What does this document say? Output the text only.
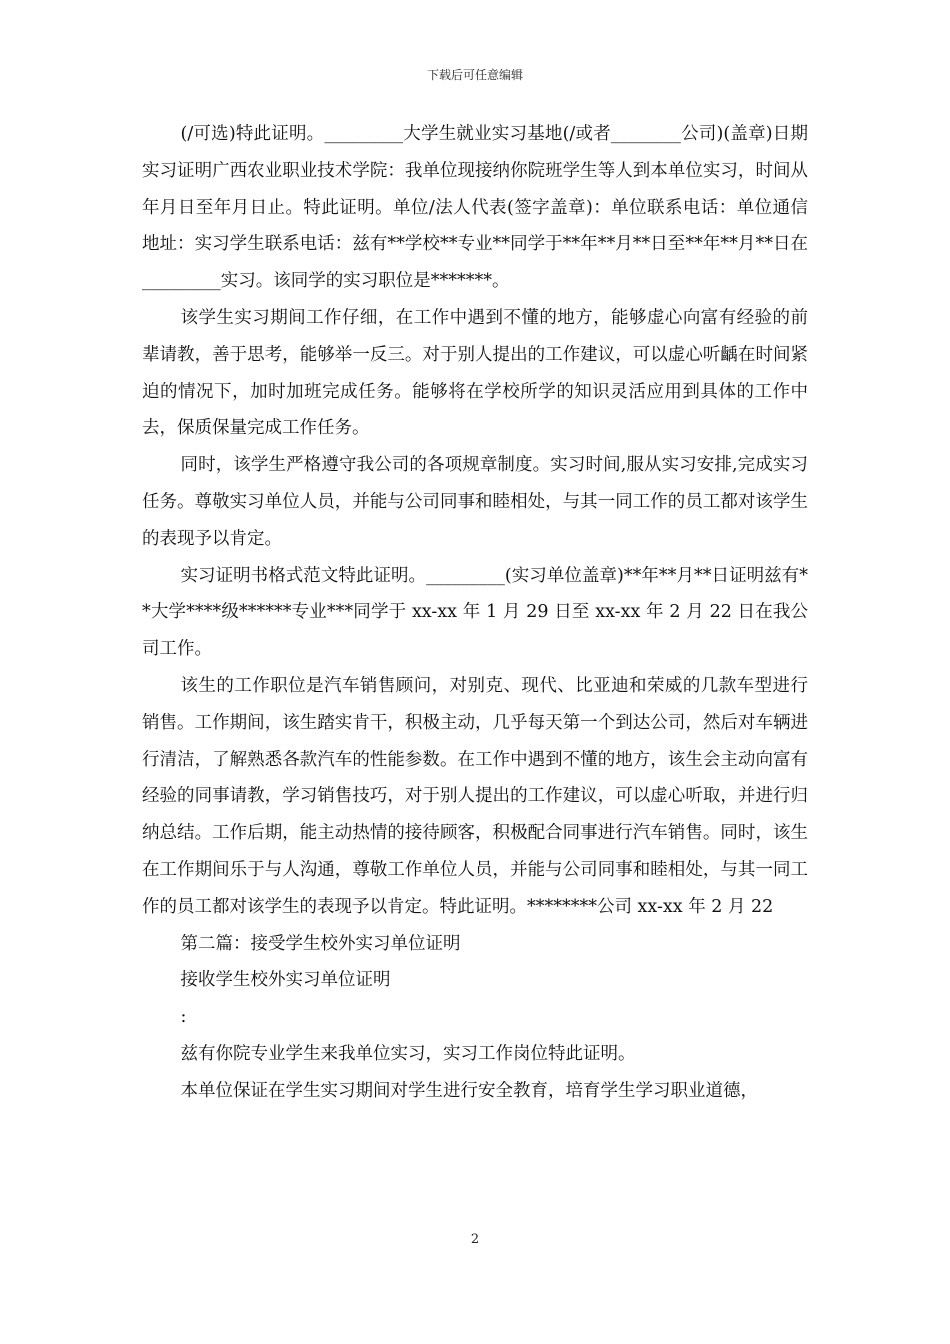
下载后可任意编辑

(/可选)特此证明。_________大学生就业实习基地(/或者________公司)(盖章)日期实习证明广西农业职业技术学院：我单位现接纳你院班学生等人到本单位实习，时间从年月日至年月日止。特此证明。单位/法人代表(签字盖章)：单位联系电话：单位通信地址：实习学生联系电话：兹有**学校**专业**同学于**年**月**日至**年**月**日在_________实习。该同学的实习职位是*******。

该学生实习期间工作仔细，在工作中遇到不懂的地方，能够虚心向富有经验的前辈请教，善于思考，能够举一反三。对于别人提出的工作建议，可以虚心听齲在时间紧迫的情况下，加时加班完成任务。能够将在学校所学的知识灵活应用到具体的工作中去，保质保量完成工作任务。

同时，该学生严格遵守我公司的各项规章制度。实习时间,服从实习安排,完成实习任务。尊敬实习单位人员，并能与公司同事和睦相处，与其一同工作的员工都对该学生的表现予以肯定。

实习证明书格式范文特此证明。_________(实习单位盖章)**年**月**日证明兹有**大学****级******专业***同学于 xx-xx 年 1 月 29 日至 xx-xx 年 2 月 22 日在我公司工作。

该生的工作职位是汽车销售顾问，对别克、现代、比亚迪和荣威的几款车型进行销售。工作期间，该生踏实肯干，积极主动，几乎每天第一个到达公司，然后对车辆进行清洁，了解熟悉各款汽车的性能参数。在工作中遇到不懂的地方，该生会主动向富有经验的同事请教，学习销售技巧，对于别人提出的工作建议，可以虚心听取，并进行归纳总结。工作后期，能主动热情的接待顾客，积极配合同事进行汽车销售。同时，该生在工作期间乐于与人沟通，尊敬工作单位人员，并能与公司同事和睦相处，与其一同工作的员工都对该学生的表现予以肯定。特此证明。********公司 xx-xx 年 2 月 22

第二篇：接受学生校外实习单位证明

接收学生校外实习单位证明

:

兹有你院专业学生来我单位实习，实习工作岗位特此证明。

本单位保证在学生实习期间对学生进行安全教育，培育学生学习职业道德，

2
